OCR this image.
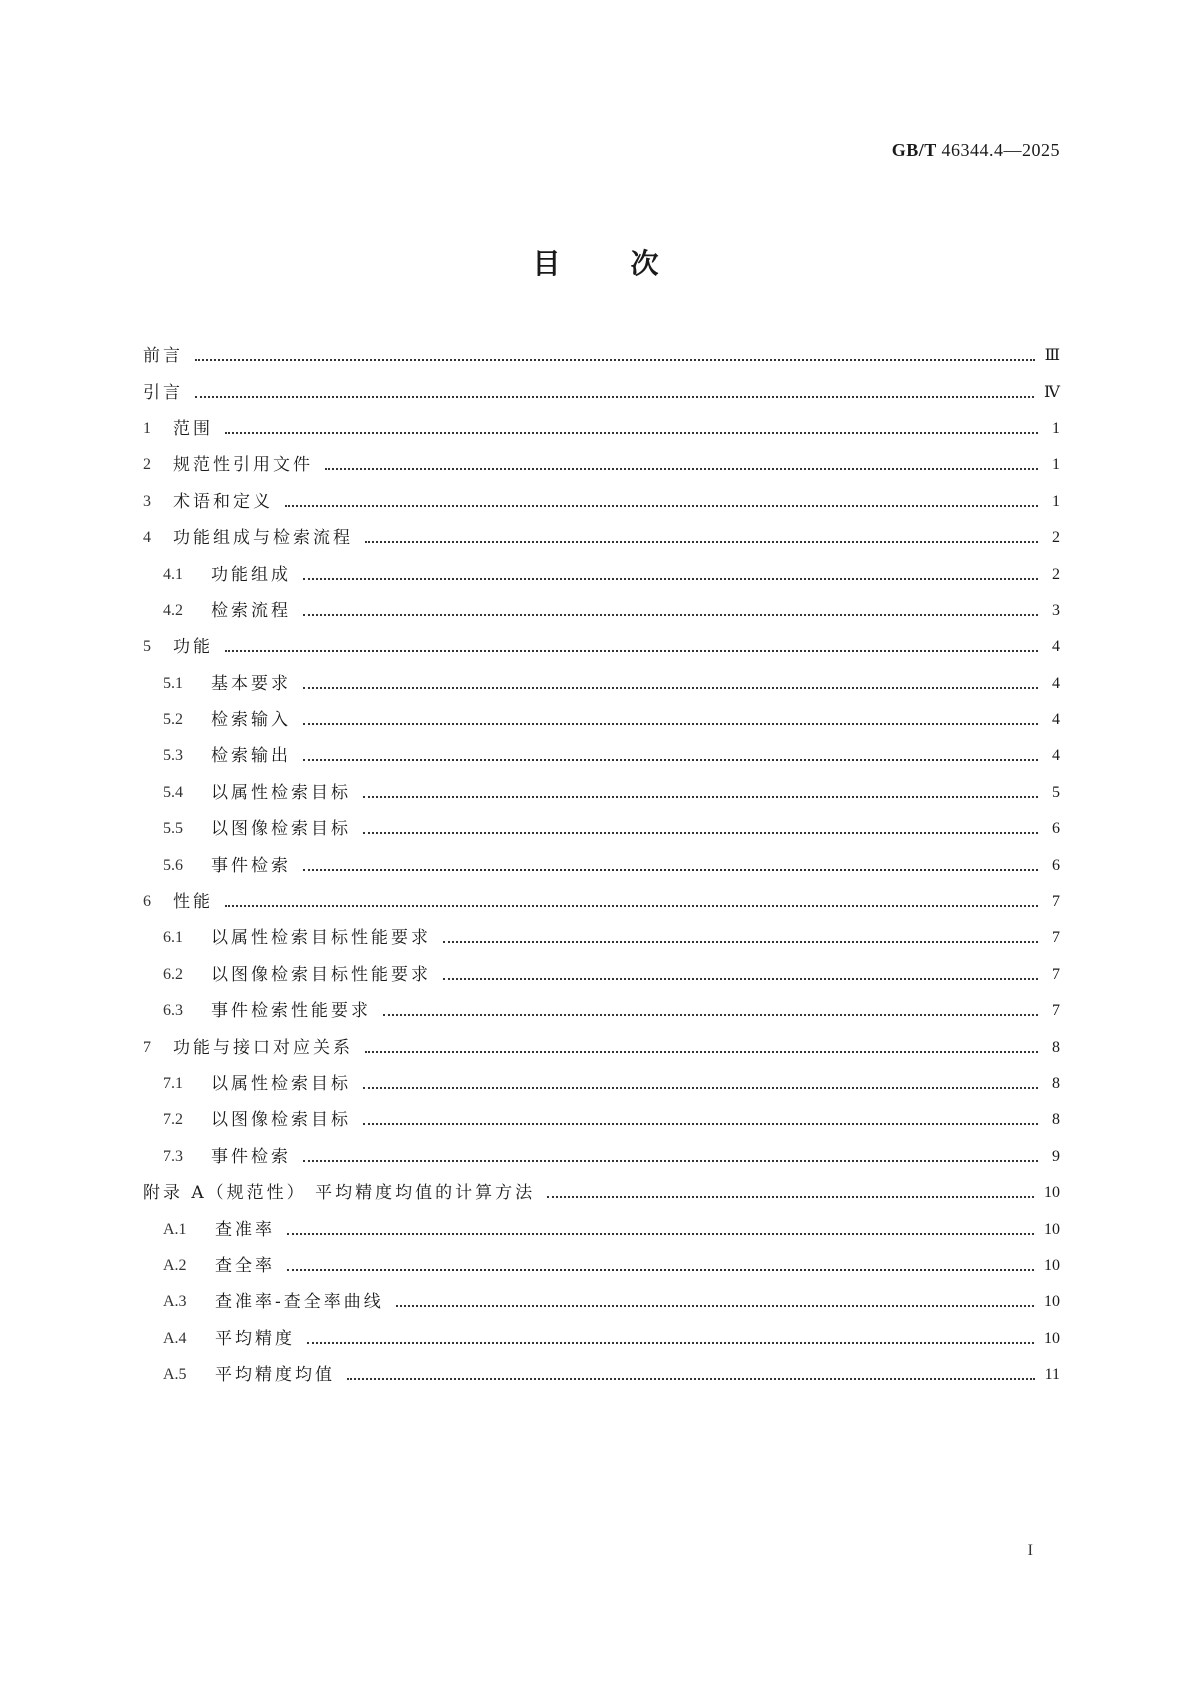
GB/T 46344.4—2025
目次
前言	Ⅲ
引言	Ⅳ
1	范围	1
2	规范性引用文件	1
3	术语和定义	1
4	功能组成与检索流程	2
4.1	功能组成	2
4.2	检索流程	3
5	功能	4
5.1	基本要求	4
5.2	检索输入	4
5.3	检索输出	4
5.4	以属性检索目标	5
5.5	以图像检索目标	6
5.6	事件检索	6
6	性能	7
6.1	以属性检索目标性能要求	7
6.2	以图像检索目标性能要求	7
6.3	事件检索性能要求	7
7	功能与接口对应关系	8
7.1	以属性检索目标	8
7.2	以图像检索目标	8
7.3	事件检索	9
附录 A（规范性） 平均精度均值的计算方法	10
A.1	查准率	10
A.2	查全率	10
A.3	查准率-查全率曲线	10
A.4	平均精度	10
A.5	平均精度均值	11
I
